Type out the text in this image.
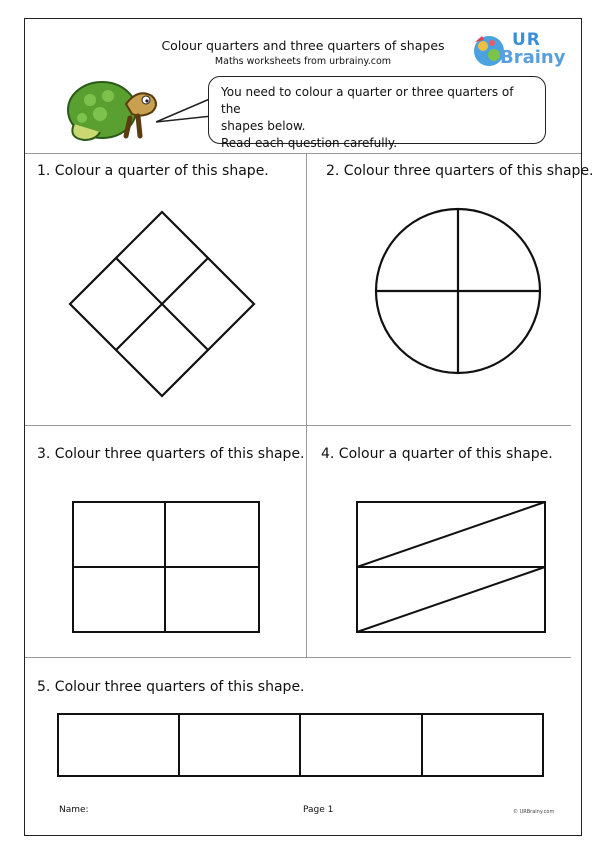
Colour quarters and three quarters of shapes
Maths worksheets from urbrainy.com
UR
Brainy
You need to colour a quarter or three quarters of the
shapes below.
Read each question carefully.
1. Colour a quarter of this shape.	2. Colour three quarters of this shape.
3. Colour three quarters of this shape. 4. Colour a quarter of this shape.
5. Colour three quarters of this shape.
Name:	Page 1	© URBrainy.com
